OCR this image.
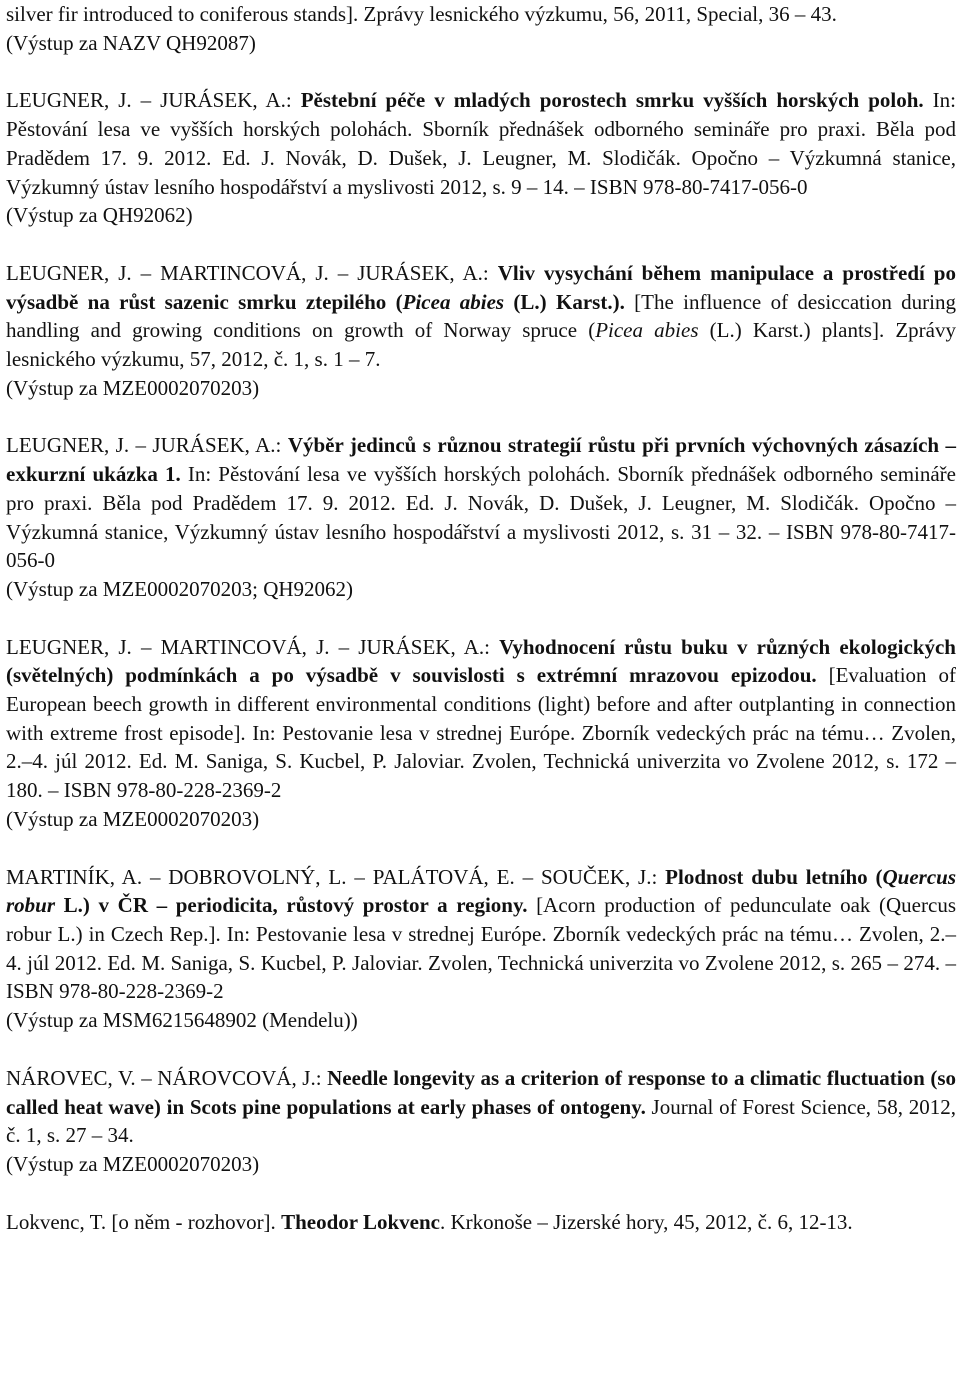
silver fir introduced to coniferous stands]. Zprávy lesnického výzkumu, 56, 2011, Special, 36 – 43.

(Výstup za NAZV QH92087)

LEUGNER, J. – JURÁSEK, A.: Pěstební péče v mladých porostech smrku vyšších horských poloh. In: Pěstování lesa ve vyšších horských polohách. Sborník přednášek odborného semináře pro praxi. Běla pod Pradědem 17. 9. 2012. Ed. J. Novák, D. Dušek, J. Leugner, M. Slodičák. Opočno – Výzkumná stanice, Výzkumný ústav lesního hospodářství a myslivosti 2012, s. 9 – 14. – ISBN 978-80-7417-056-0

(Výstup za QH92062)

LEUGNER, J. – MARTINCOVÁ, J. – JURÁSEK, A.: Vliv vysychání během manipulace a prostředí po výsadbě na růst sazenic smrku ztepilého (Picea abies (L.) Karst.). [The influence of desiccation during handling and growing conditions on growth of Norway spruce (Picea abies (L.) Karst.) plants]. Zprávy lesnického výzkumu, 57, 2012, č. 1, s. 1 – 7.

(Výstup za MZE0002070203)

LEUGNER, J. – JURÁSEK, A.: Výběr jedinců s různou strategií růstu při prvních výchovných zásazích – exkurzní ukázka 1. In: Pěstování lesa ve vyšších horských polohách. Sborník přednášek odborného semináře pro praxi. Běla pod Pradědem 17. 9. 2012. Ed. J. Novák, D. Dušek, J. Leugner, M. Slodičák. Opočno – Výzkumná stanice, Výzkumný ústav lesního hospodářství a myslivosti 2012, s. 31 – 32. – ISBN 978-80-7417-056-0

(Výstup za MZE0002070203; QH92062)

LEUGNER, J. – MARTINCOVÁ, J. – JURÁSEK, A.: Vyhodnocení růstu buku v různých ekologických (světelných) podmínkách a po výsadbě v souvislosti s extrémní mrazovou epizodou. [Evaluation of European beech growth in different environmental conditions (light) before and after outplanting in connection with extreme frost episode]. In: Pestovanie lesa v strednej Európe. Zborník vedeckých prác na tému… Zvolen, 2.–4. júl 2012. Ed. M. Saniga, S. Kucbel, P. Jaloviar. Zvolen, Technická univerzita vo Zvolene 2012, s. 172 – 180. – ISBN 978-80-228-2369-2

(Výstup za MZE0002070203)

MARTINÍK, A. – DOBROVOLNÝ, L. – PALÁTOVÁ, E. – SOUČEK, J.: Plodnost dubu letního (Quercus robur L.) v ČR – periodicita, růstový prostor a regiony. [Acorn production of pedunculate oak (Quercus robur L.) in Czech Rep.]. In: Pestovanie lesa v strednej Európe. Zborník vedeckých prác na tému… Zvolen, 2.–4. júl 2012. Ed. M. Saniga, S. Kucbel, P. Jaloviar. Zvolen, Technická univerzita vo Zvolene 2012, s. 265 – 274. – ISBN 978-80-228-2369-2

(Výstup za MSM6215648902 (Mendelu))

NÁROVEC, V. – NÁROVCOVÁ, J.: Needle longevity as a criterion of response to a climatic fluctuation (so called heat wave) in Scots pine populations at early phases of ontogeny. Journal of Forest Science, 58, 2012, č. 1, s. 27 – 34.

(Výstup za MZE0002070203)

Lokvenc, T. [o něm - rozhovor]. Theodor Lokvenc. Krkonoše – Jizerské hory, 45, 2012, č. 6, 12-13.
